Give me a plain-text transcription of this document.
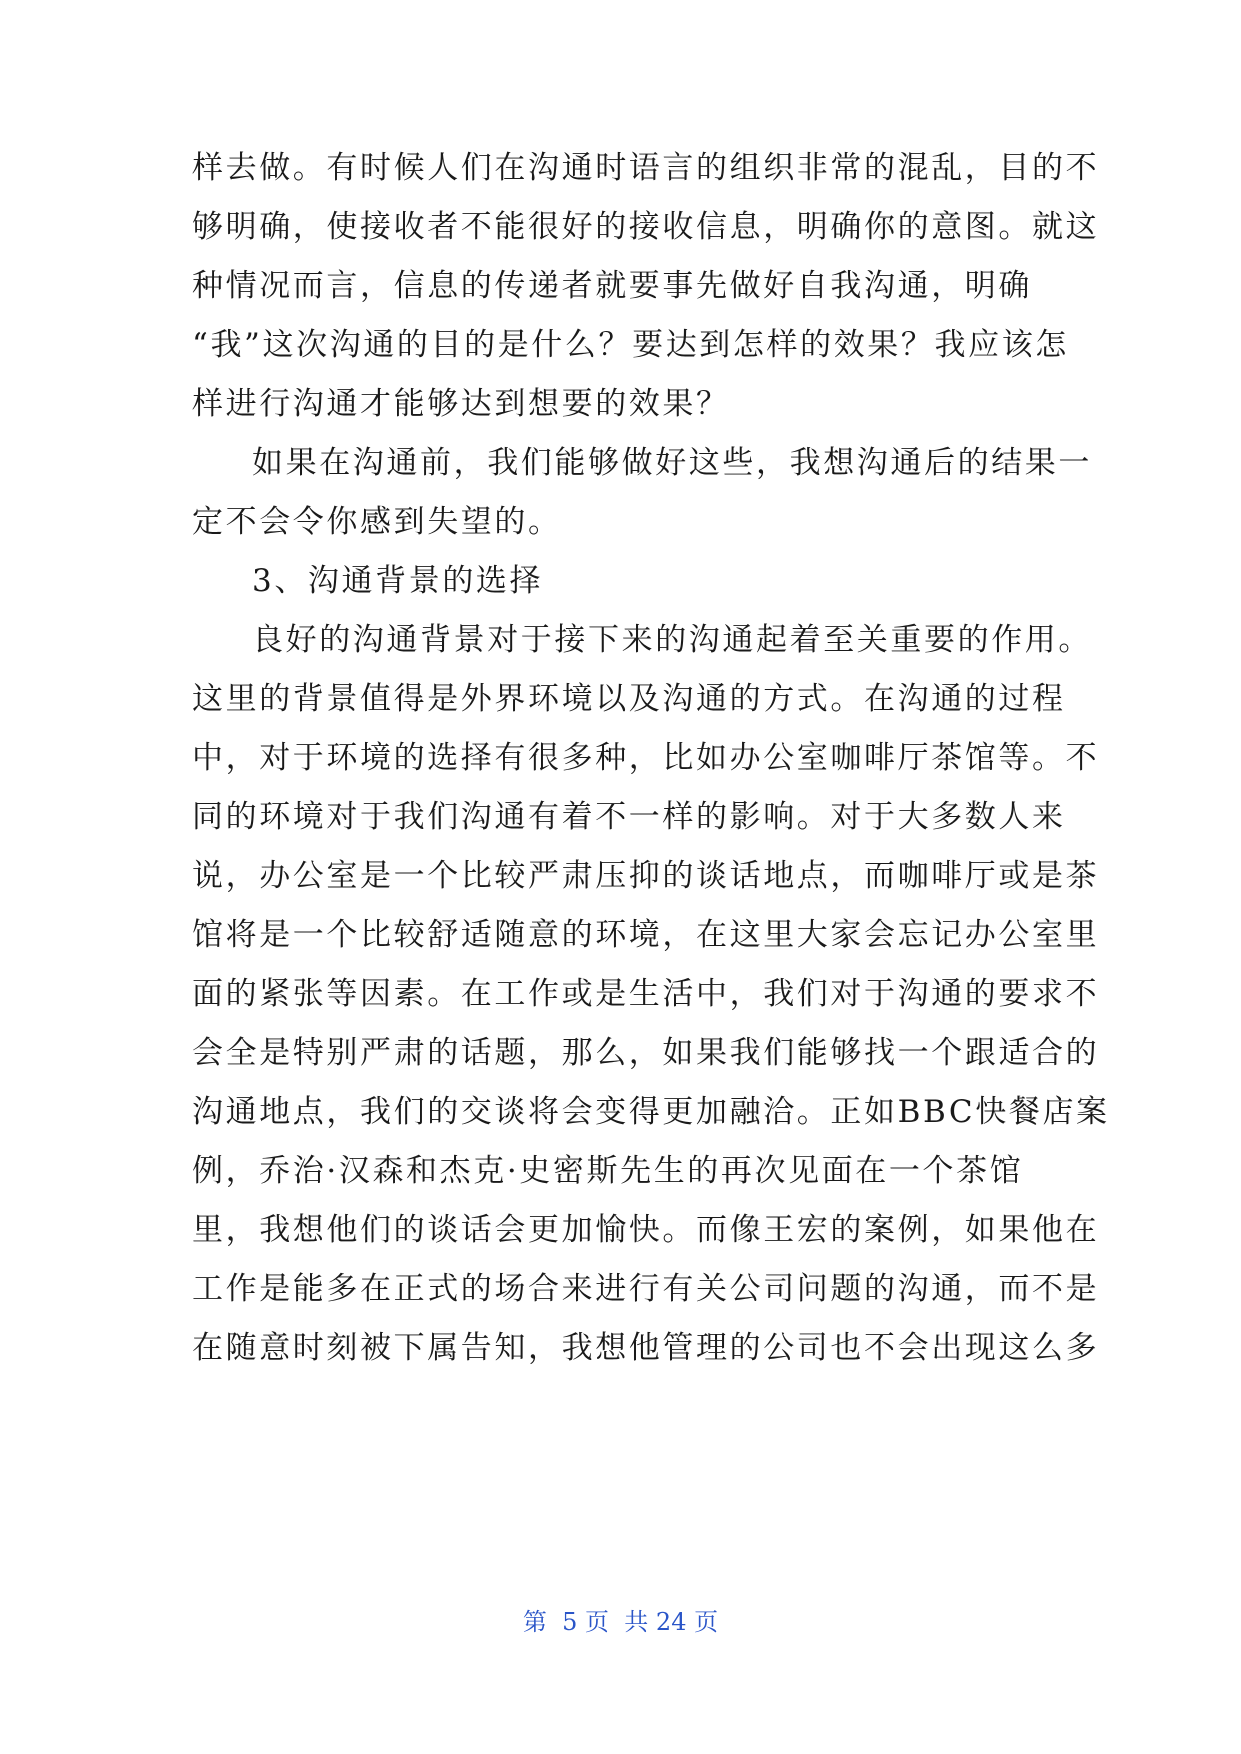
样去做。有时候人们在沟通时语言的组织非常的混乱，目的不
够明确，使接收者不能很好的接收信息，明确你的意图。就这
种情况而言，信息的传递者就要事先做好自我沟通，明确
“我”这次沟通的目的是什么？要达到怎样的效果？我应该怎
样进行沟通才能够达到想要的效果？
如果在沟通前，我们能够做好这些，我想沟通后的结果一
定不会令你感到失望的。
3、沟通背景的选择
良好的沟通背景对于接下来的沟通起着至关重要的作用。
这里的背景值得是外界环境以及沟通的方式。在沟通的过程
中，对于环境的选择有很多种，比如办公室咖啡厅茶馆等。不
同的环境对于我们沟通有着不一样的影响。对于大多数人来
说，办公室是一个比较严肃压抑的谈话地点，而咖啡厅或是茶
馆将是一个比较舒适随意的环境，在这里大家会忘记办公室里
面的紧张等因素。在工作或是生活中，我们对于沟通的要求不
会全是特别严肃的话题，那么，如果我们能够找一个跟适合的
沟通地点，我们的交谈将会变得更加融洽。正如BBC快餐店案
例，乔治·汉森和杰克·史密斯先生的再次见面在一个茶馆
里，我想他们的谈话会更加愉快。而像王宏的案例，如果他在
工作是能多在正式的场合来进行有关公司问题的沟通，而不是
在随意时刻被下属告知，我想他管理的公司也不会出现这么多
第  5 页  共 24 页
